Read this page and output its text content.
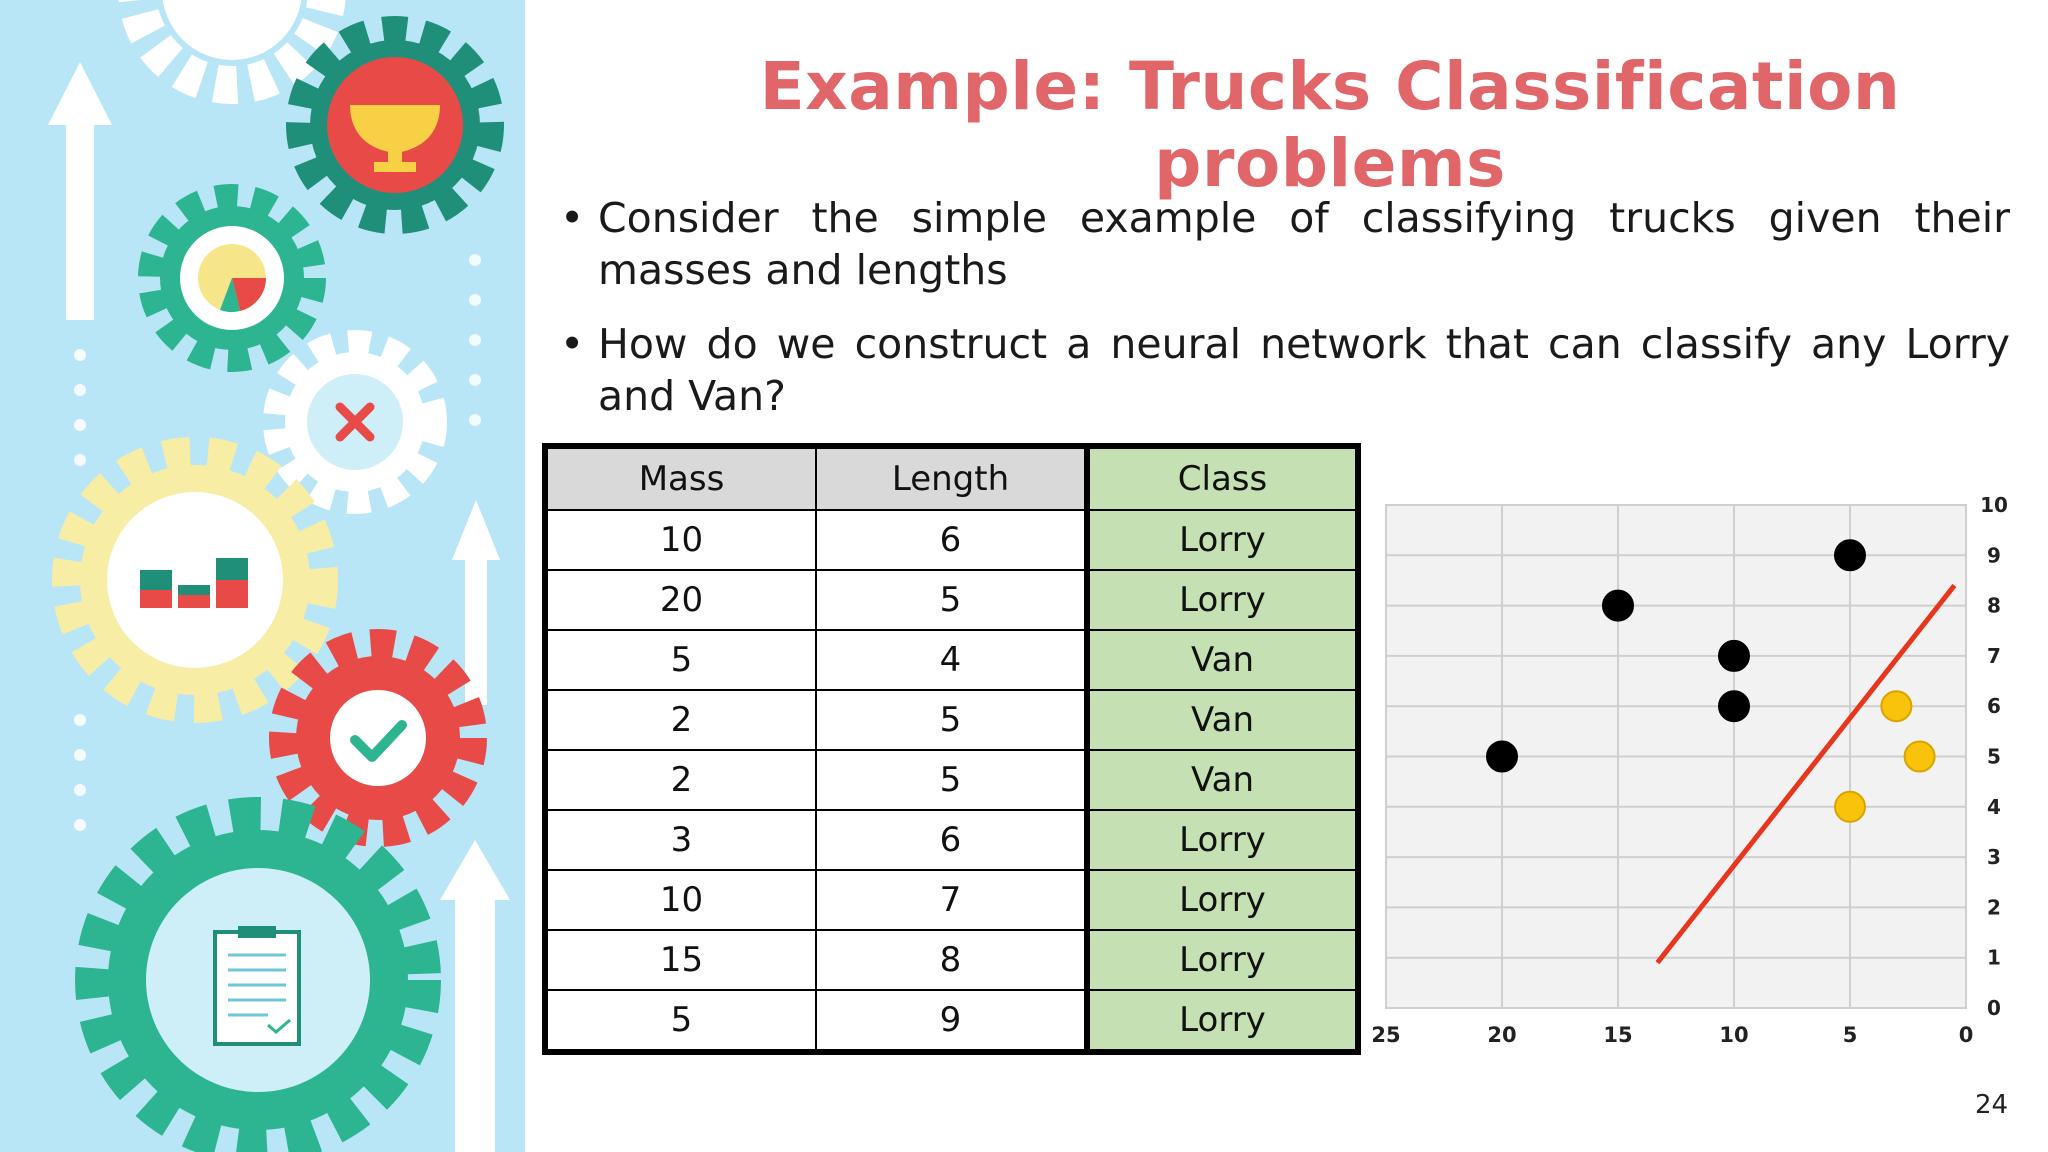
Example: Trucks Classification problems
• Consider the simple example of classifying trucks given their masses and lengths
• How do we construct a neural network that can classify any Lorry and Van?
Mass	Length	Class
10	6	Lorry
20	5	Lorry
5	4	Van
2	5	Van
2	5	Van
3	6	Lorry
10	7	Lorry
15	8	Lorry
5	9	Lorry	25	20	15	10	5	0
0
1
2
3
4
5
6
7
8
9
10
24
